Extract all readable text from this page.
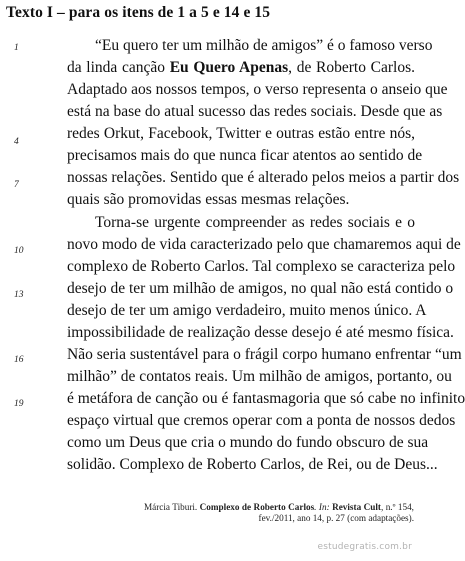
Texto I – para os itens de 1 a 5 e 14 e 15
1
4
7
10
13
16
19
“Eu quero ter um milhão de amigos” é o famoso verso
da linda canção Eu Quero Apenas, de Roberto Carlos.
Adaptado aos nossos tempos, o verso representa o anseio que
está na base do atual sucesso das redes sociais. Desde que as
redes Orkut, Facebook, Twitter e outras estão entre nós,
precisamos mais do que nunca ficar atentos ao sentido de
nossas relações. Sentido que é alterado pelos meios a partir dos
quais são promovidas essas mesmas relações.
Torna-se urgente compreender as redes sociais e o
novo modo de vida caracterizado pelo que chamaremos aqui de
complexo de Roberto Carlos. Tal complexo se caracteriza pelo
desejo de ter um milhão de amigos, no qual não está contido o
desejo de ter um amigo verdadeiro, muito menos único. A
impossibilidade de realização desse desejo é até mesmo física.
Não seria sustentável para o frágil corpo humano enfrentar “um
milhão” de contatos reais. Um milhão de amigos, portanto, ou
é metáfora de canção ou é fantasmagoria que só cabe no infinito
espaço virtual que cremos operar com a ponta de nossos dedos
como um Deus que cria o mundo do fundo obscuro de sua
solidão. Complexo de Roberto Carlos, de Rei, ou de Deus...
Márcia Tiburi. Complexo de Roberto Carlos. In: Revista Cult, n.º 154, fev./2011, ano 14, p. 27 (com adaptações).
estudegratis.com.br
